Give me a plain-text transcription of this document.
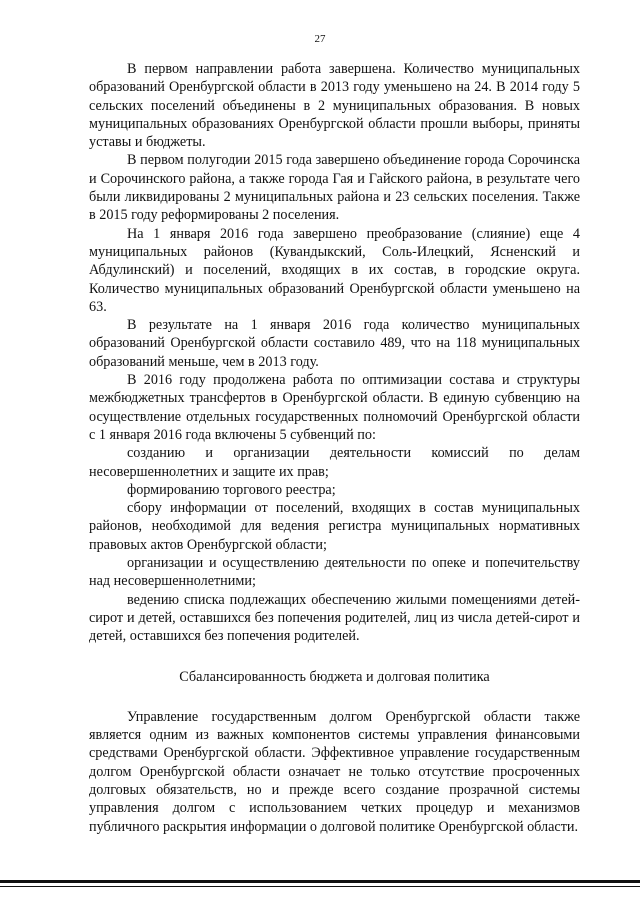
27

В первом направлении работа завершена. Количество муниципальных образований Оренбургской области в 2013 году уменьшено на 24. В 2014 году 5 сельских поселений объединены в 2 муниципальных образования. В новых муниципальных образованиях Оренбургской области прошли выборы, приняты уставы и бюджеты.

В первом полугодии 2015 года завершено объединение города Сорочинска и Сорочинского района, а также города Гая и Гайского района, в результате чего были ликвидированы 2 муниципальных района и 23 сельских поселения. Также в 2015 году реформированы 2 поселения.

На 1 января 2016 года завершено преобразование (слияние) еще 4 муниципальных районов (Кувандыкский, Соль-Илецкий, Ясненский и Абдулинский) и поселений, входящих в их состав, в городские округа. Количество муниципальных образований Оренбургской области уменьшено на 63.

В результате на 1 января 2016 года количество муниципальных образований Оренбургской области составило 489, что на 118 муниципальных образований меньше, чем в 2013 году.

В 2016 году продолжена работа по оптимизации состава и структуры межбюджетных трансфертов в Оренбургской области. В единую субвенцию на осуществление отдельных государственных полномочий Оренбургской области с 1 января 2016 года включены 5 субвенций по:

созданию и организации деятельности комиссий по делам несовершеннолетних и защите их прав;

формированию торгового реестра;

сбору информации от поселений, входящих в состав муниципальных районов, необходимой для ведения регистра муниципальных нормативных правовых актов Оренбургской области;

организации и осуществлению деятельности по опеке и попечительству над несовершеннолетними;

ведению списка подлежащих обеспечению жилыми помещениями детей-сирот и детей, оставшихся без попечения родителей, лиц из числа детей-сирот и детей, оставшихся без попечения родителей.

Сбалансированность бюджета и долговая политика

Управление государственным долгом Оренбургской области также является одним из важных компонентов системы управления финансовыми средствами Оренбургской области. Эффективное управление государственным долгом Оренбургской области означает не только отсутствие просроченных долговых обязательств, но и прежде всего создание прозрачной системы управления долгом с использованием четких процедур и механизмов публичного раскрытия информации о долговой политике Оренбургской области.
